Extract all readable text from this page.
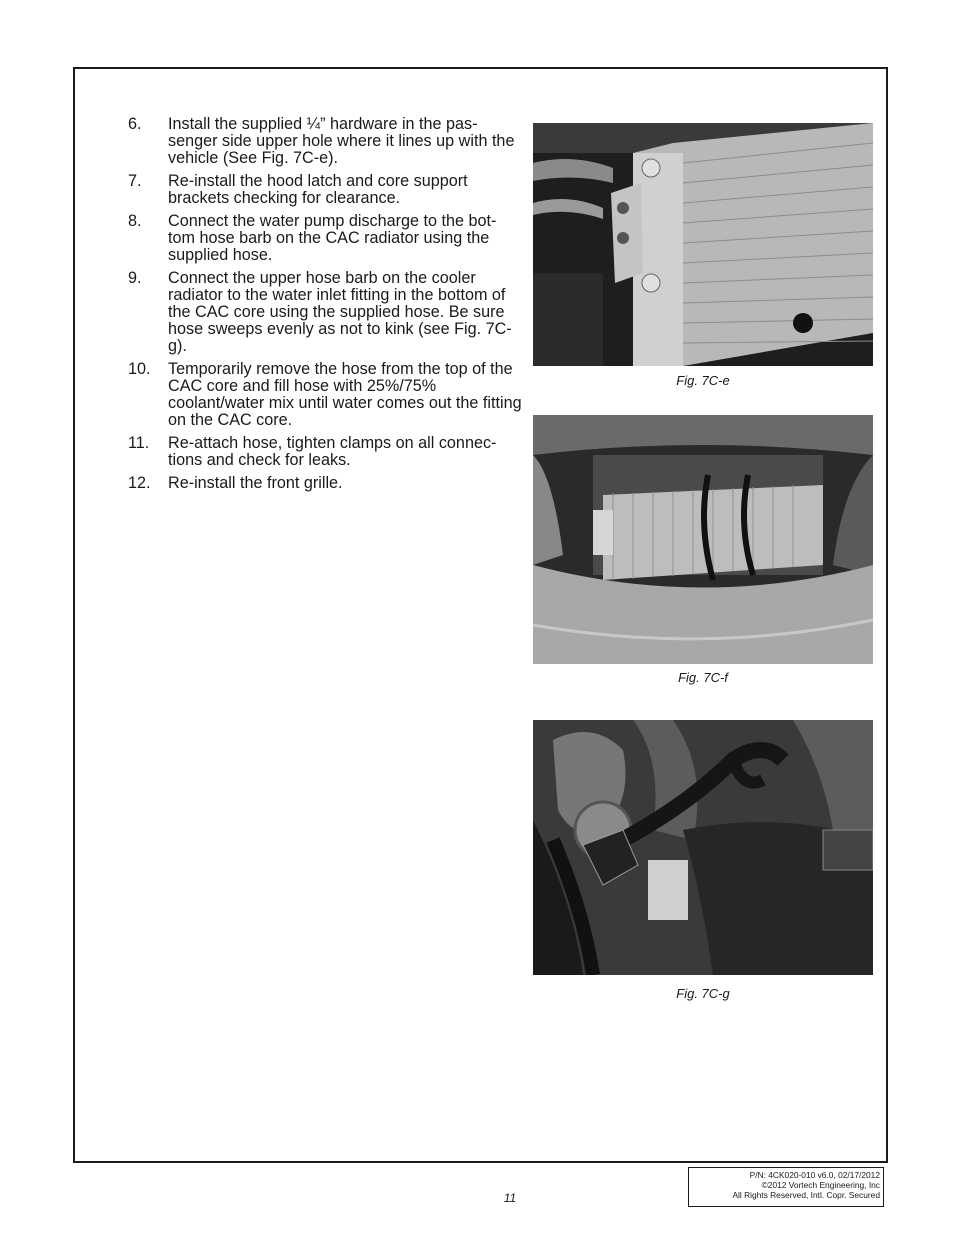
6. Install the supplied ¼” hardware in the pas-senger side upper hole where it lines up with the vehicle (See Fig. 7C-e).
7. Re-install the hood latch and core support brackets checking for clearance.
8. Connect the water pump discharge to the bot-tom hose barb on the CAC radiator using the supplied hose.
9. Connect the upper hose barb on the cooler radiator to the water inlet fitting in the bottom of the CAC core using the supplied hose. Be sure hose sweeps evenly as not to kink (see Fig. 7C-g).
10. Temporarily remove the hose from the top of the CAC core and fill hose with 25%/75% coolant/water mix until water comes out the fitting on the CAC core.
11. Re-attach hose, tighten clamps on all connec-tions and check for leaks.
12. Re-install the front grille.
Fig. 7C-e
Fig. 7C-f
Fig. 7C-g
11
P/N: 4CK020-010 v6.0, 02/17/2012
©2012 Vortech Engineering, Inc
All Rights Reserved, Intl. Copr. Secured
